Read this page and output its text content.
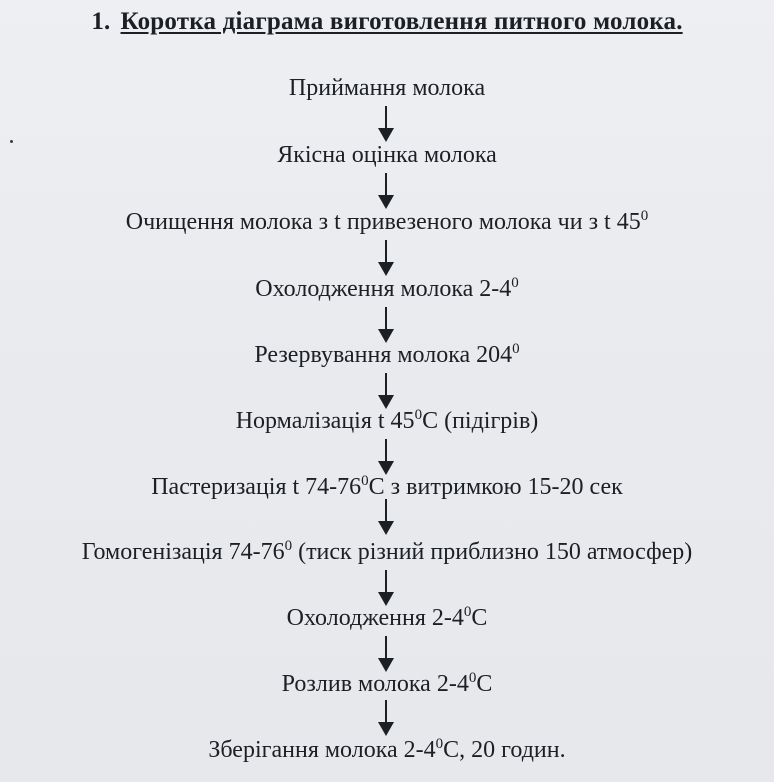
1. Коротка діаграма виготовлення питного молока.
Приймання молока
Якісна оцінка молока
Очищення молока з t привезеного молока чи з t $45^0$
Охолодження молока $2-4^0$
Резервування молока $204^0$
Нормалізація t $45^0С$ (підігрів)
Пастеризація t $74-76^0С$ з витримкою 15-20 сек
Гомогенізація $74-76^0$ (тиск різний приблизно 150 атмосфер)
Охолодження $2-4^0С$
Розлив молока $2-4^0С$
Зберігання молока $2-4^0С$, 20 годин.
